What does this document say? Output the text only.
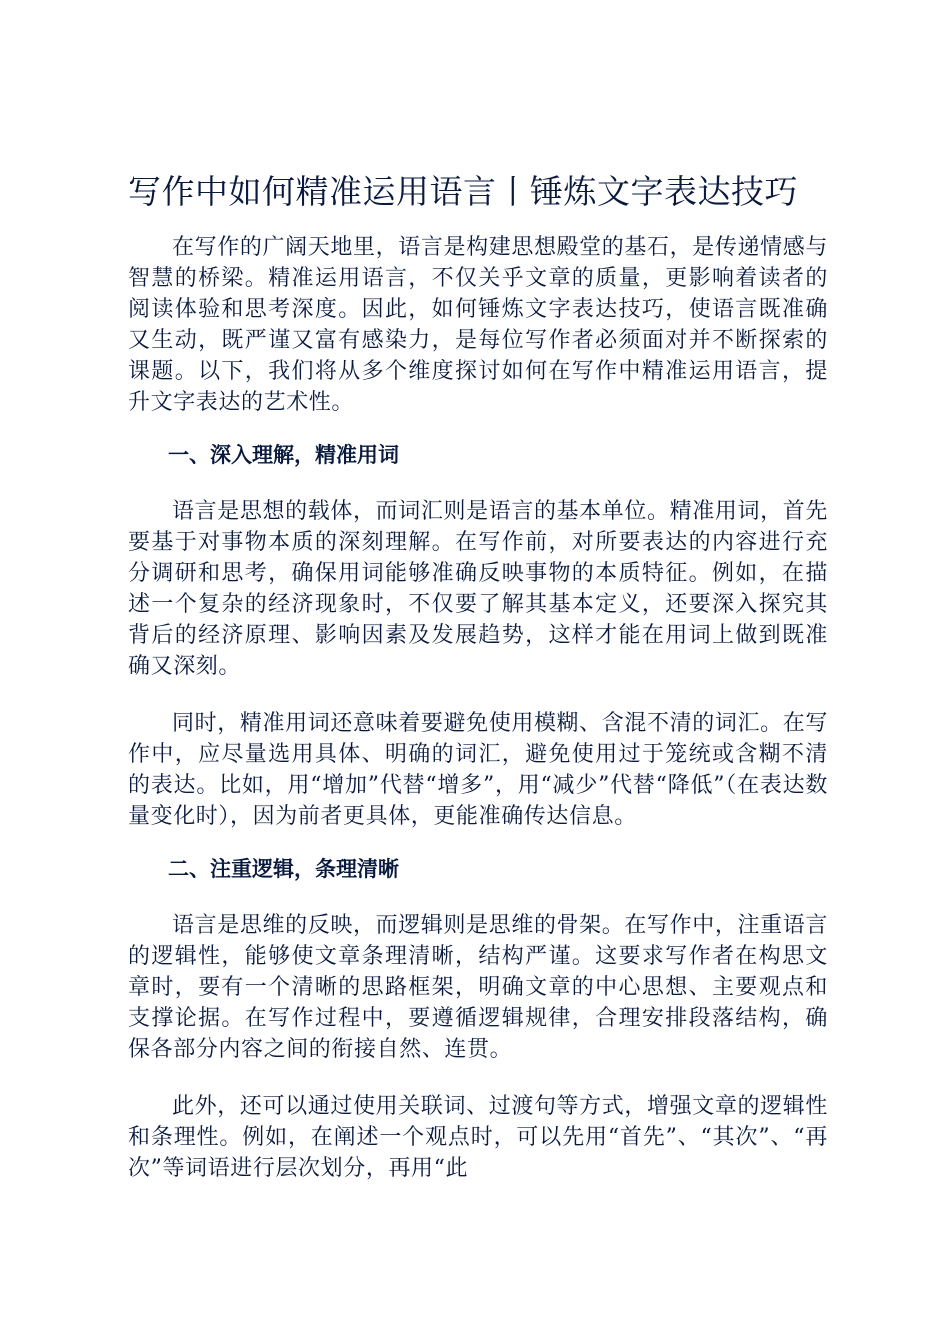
写作中如何精准运用语言丨锤炼文字表达技巧

在写作的广阔天地里，语言是构建思想殿堂的基石，是传递情感与智慧的桥梁。精准运用语言，不仅关乎文章的质量，更影响着读者的阅读体验和思考深度。因此，如何锤炼文字表达技巧，使语言既准确又生动，既严谨又富有感染力，是每位写作者必须面对并不断探索的课题。以下，我们将从多个维度探讨如何在写作中精准运用语言，提升文字表达的艺术性。

一、深入理解，精准用词

语言是思想的载体，而词汇则是语言的基本单位。精准用词，首先要基于对事物本质的深刻理解。在写作前，对所要表达的内容进行充分调研和思考，确保用词能够准确反映事物的本质特征。例如，在描述一个复杂的经济现象时，不仅要了解其基本定义，还要深入探究其背后的经济原理、影响因素及发展趋势，这样才能在用词上做到既准确又深刻。

同时，精准用词还意味着要避免使用模糊、含混不清的词汇。在写作中，应尽量选用具体、明确的词汇，避免使用过于笼统或含糊不清的表达。比如，用“增加”代替“增多”，用“减少”代替“降低”（在表达数量变化时），因为前者更具体，更能准确传达信息。

二、注重逻辑，条理清晰

语言是思维的反映，而逻辑则是思维的骨架。在写作中，注重语言的逻辑性，能够使文章条理清晰，结构严谨。这要求写作者在构思文章时，要有一个清晰的思路框架，明确文章的中心思想、主要观点和支撑论据。在写作过程中，要遵循逻辑规律，合理安排段落结构，确保各部分内容之间的衔接自然、连贯。

此外，还可以通过使用关联词、过渡句等方式，增强文章的逻辑性和条理性。例如，在阐述一个观点时，可以先用“首先”、“其次”、“再次”等词语进行层次划分，再用“此
